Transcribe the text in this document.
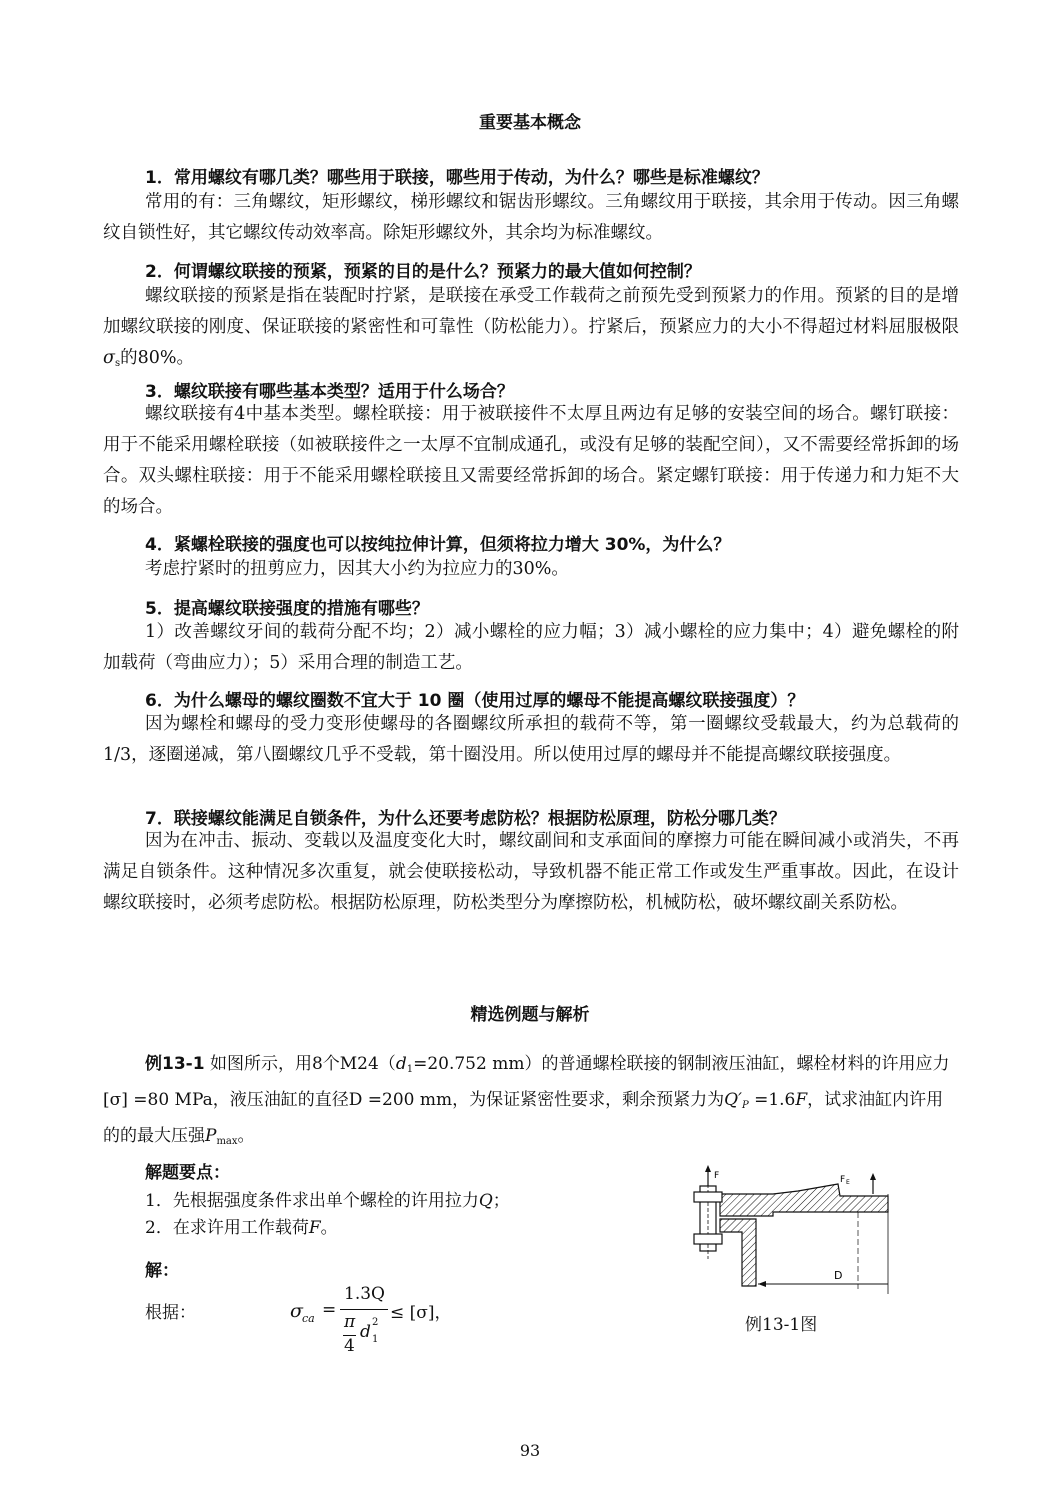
重要基本概念
1．常用螺纹有哪几类？哪些用于联接，哪些用于传动，为什么？哪些是标准螺纹？
常用的有：三角螺纹，矩形螺纹，梯形螺纹和锯齿形螺纹。三角螺纹用于联接，其余用于传动。因三角螺纹自锁性好，其它螺纹传动效率高。除矩形螺纹外，其余均为标准螺纹。
2．何谓螺纹联接的预紧，预紧的目的是什么？预紧力的最大值如何控制？
螺纹联接的预紧是指在装配时拧紧，是联接在承受工作载荷之前预先受到预紧力的作用。预紧的目的是增加螺纹联接的刚度、保证联接的紧密性和可靠性（防松能力）。拧紧后，预紧应力的大小不得超过材料屈服极限 $\sigma_s$的80%。
3．螺纹联接有哪些基本类型？适用于什么场合？
螺纹联接有4中基本类型。螺栓联接：用于被联接件不太厚且两边有足够的安装空间的场合。螺钉联接：用于不能采用螺栓联接（如被联接件之一太厚不宜制成通孔，或没有足够的装配空间），又不需要经常拆卸的场合。双头螺柱联接：用于不能采用螺栓联接且又需要经常拆卸的场合。紧定螺钉联接：用于传递力和力矩不大的场合。
4．紧螺栓联接的强度也可以按纯拉伸计算，但须将拉力增大 30%，为什么？
考虑拧紧时的扭剪应力，因其大小约为拉应力的30%。
5．提高螺纹联接强度的措施有哪些？
1）改善螺纹牙间的载荷分配不均；2）减小螺栓的应力幅；3）减小螺栓的应力集中；4）避免螺栓的附加载荷（弯曲应力）；5）采用合理的制造工艺。
6．为什么螺母的螺纹圈数不宜大于 10 圈（使用过厚的螺母不能提高螺纹联接强度）？
因为螺栓和螺母的受力变形使螺母的各圈螺纹所承担的载荷不等，第一圈螺纹受载最大，约为总载荷的1/3，逐圈递减，第八圈螺纹几乎不受载，第十圈没用。所以使用过厚的螺母并不能提高螺纹联接强度。
7．联接螺纹能满足自锁条件，为什么还要考虑防松？根据防松原理，防松分哪几类？
因为在冲击、振动、变载以及温度变化大时，螺纹副间和支承面间的摩擦力可能在瞬间减小或消失，不再满足自锁条件。这种情况多次重复，就会使联接松动，导致机器不能正常工作或发生严重事故。因此，在设计螺纹联接时，必须考虑防松。根据防松原理，防松类型分为摩擦防松，机械防松，破坏螺纹副关系防松。
精选例题与解析
例13-1 如图所示，用8个$M24(d_1=20.752$ mm）的普通螺栓联接的钢制液压油缸，螺栓材料的许用应力[σ] =80 MPa，液压油缸的直径D =200 mm，为保证紧密性要求，剩余预紧力为$Q'_P =1.6F$，试求油缸内许用的的最大压强$P_{max}$。
解题要点：
1．先根据强度条件求出单个螺栓的许用拉力Q；
2．在求许用工作载荷F。
解：
根据：	σ ca =
1.3Q
π
4
d 2
1
≤ [σ]，
F	F E
D
例13-1图
93
